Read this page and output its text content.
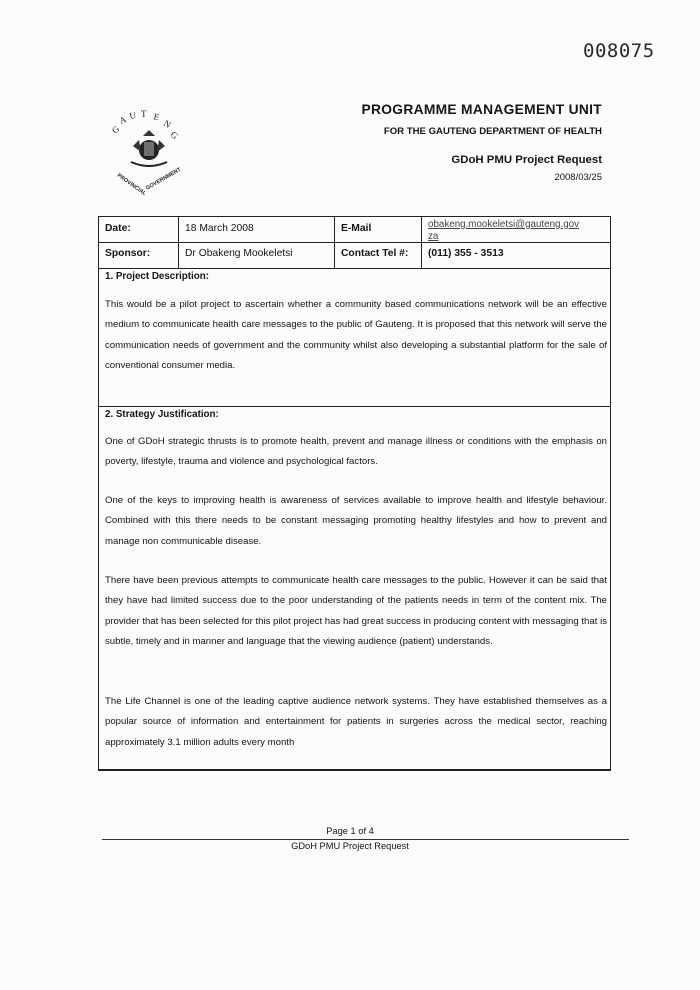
008075
G
A U T E
N
G
PROVINCIAL
GOVERNMENT
PROGRAMME MANAGEMENT UNIT
FOR THE GAUTENG DEPARTMENT OF HEALTH
GDoH PMU Project Request
2008/03/25
Date:	18 March 2008	E-Mail	obakeng.mookeletsi@gauteng.gov
za
Sponsor:	Dr Obakeng Mookeletsi	Contact Tel #:	(011) 355 - 3513
1. Project Description:
This would be a pilot project to ascertain whether a community based communications network will be an effective medium to communicate health care messages to the public of Gauteng. It is proposed that this network will serve the communication needs of government and the community whilst also developing a substantial platform for the sale of conventional consumer media.
2. Strategy Justification:
One of GDoH strategic thrusts is to promote health, prevent and manage illness or conditions with the emphasis on poverty, lifestyle, trauma and violence and psychological factors.
One of the keys to improving health is awareness of services available to improve health and lifestyle behaviour. Combined with this there needs to be constant messaging promoting healthy lifestyles and how to prevent and manage non communicable disease.
There have been previous attempts to communicate health care messages to the public. However it can be said that they have had limited success due to the poor understanding of the patients needs in term of the content mix. The provider that has been selected for this pilot project has had great success in producing content with messaging that is subtle, timely and in manner and language that the viewing audience (patient) understands.
The Life Channel is one of the leading captive audience network systems. They have established themselves as a popular source of information and entertainment for patients in surgeries across the medical sector, reaching approximately 3.1 million adults every month
Page 1 of 4
GDoH PMU Project Request
